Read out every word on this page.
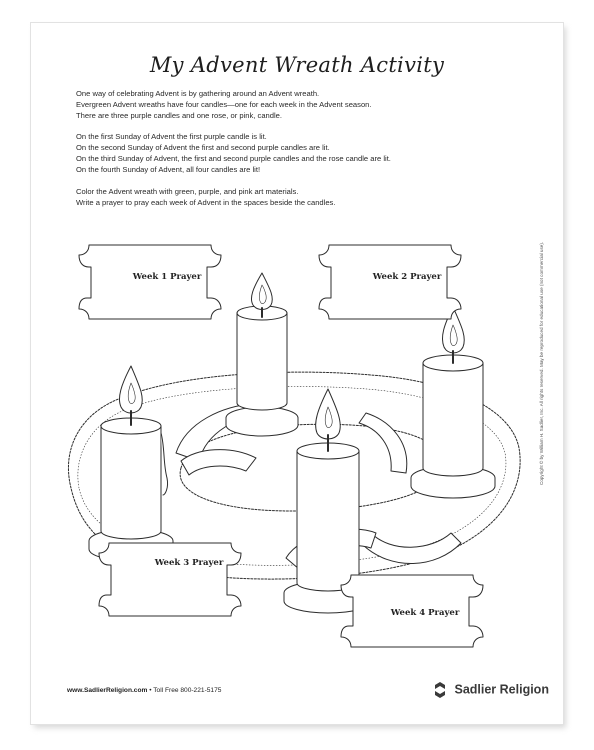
My Advent Wreath Activity
One way of celebrating Advent is by gathering around an Advent wreath.
Evergreen Advent wreaths have four candles—one for each week in the Advent season.
There are three purple candles and one rose, or pink, candle.
On the first Sunday of Advent the first purple candle is lit.
On the second Sunday of Advent the first and second purple candles are lit.
On the third Sunday of Advent, the first and second purple candles and the rose candle are lit.
On the fourth Sunday of Advent, all four candles are lit!
Color the Advent wreath with green, purple, and pink art materials.
Write a prayer to pray each week of Advent in the spaces beside the candles.
Week 1 Prayer	Week 2 Prayer
Week 3 Prayer
Week 4 Prayer
Copyright © by William H. Sadlier, Inc. All rights reserved. May be reproduced for educational use (not commercial use).
www.SadlierReligion.com • Toll Free 800-221-5175	Sadlier Religion
